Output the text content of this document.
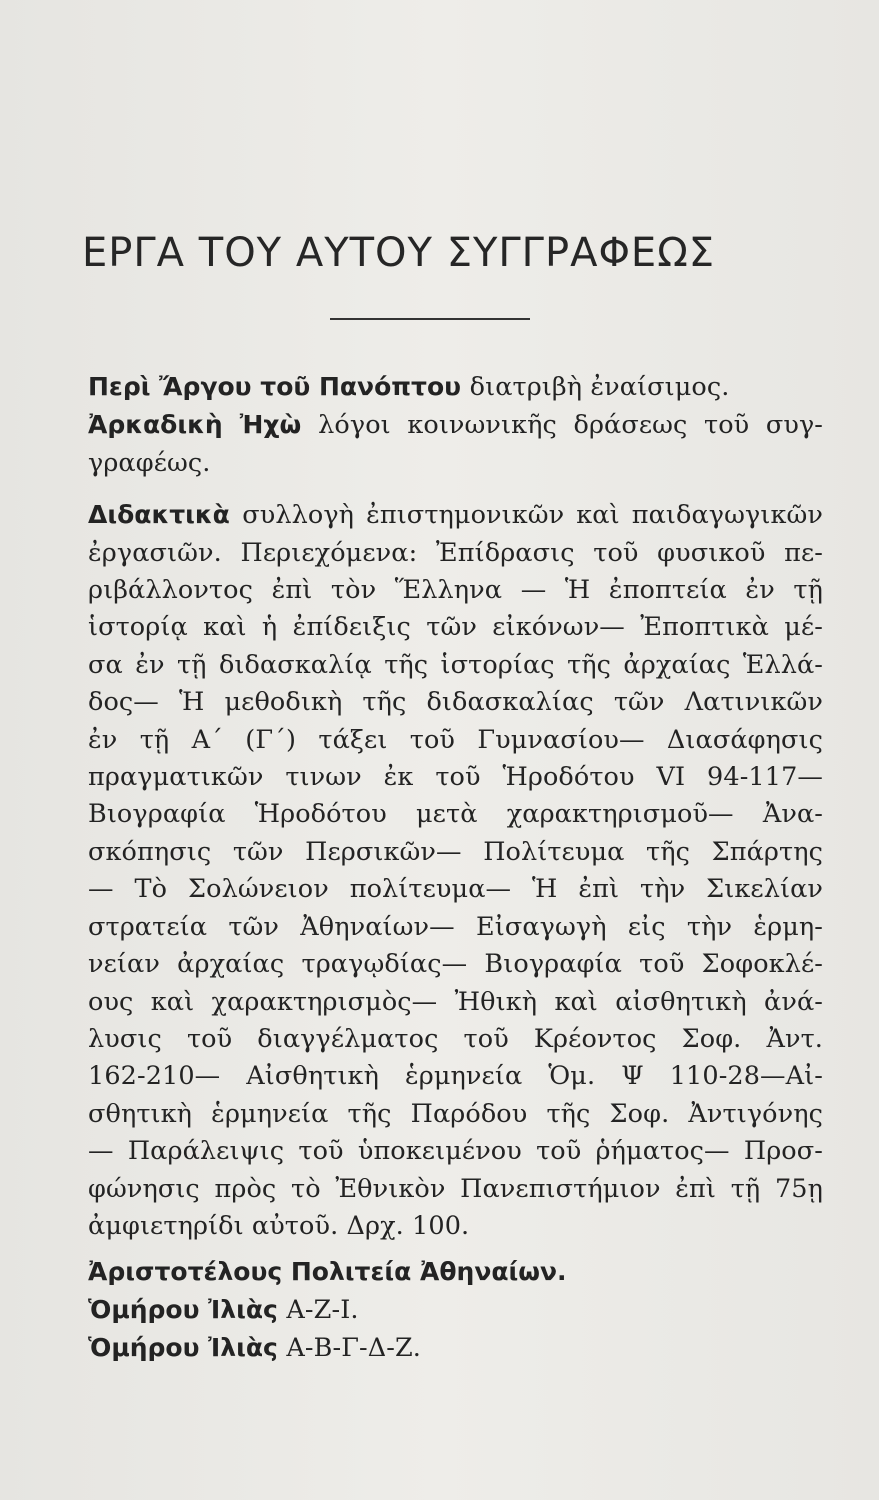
ΕΡΓΑ ΤΟΥ ΑΥΤΟΥ ΣΥΓΓΡΑΦΕΩΣ

Περὶ Ἄργου τοῦ Πανόπτου διατριβὴ ἐναίσιμος.

Ἀρκαδικὴ Ἠχὼ λόγοι κοινωνικῆς δράσεως τοῦ συγ-
γραφέως.

Διδακτικὰ συλλογὴ ἐπιστημονικῶν καὶ παιδαγωγικῶν
ἐργασιῶν. Περιεχόμενα: Ἐπίδρασις τοῦ φυσικοῦ πε-
ριβάλλοντος ἐπὶ τὸν Ἕλληνα — Ἡ ἐποπτεία ἐν τῇ
ἱστορίᾳ καὶ ἡ ἐπίδειξις τῶν εἰκόνων— Ἐποπτικὰ μέ-
σα ἐν τῇ διδασκαλίᾳ τῆς ἱστορίας τῆς ἀρχαίας Ἑλλά-
δος— Ἡ μεθοδικὴ τῆς διδασκαλίας τῶν Λατινικῶν
ἐν τῇ Α΄ (Γ΄) τάξει τοῦ Γυμνασίου— Διασάφησις
πραγματικῶν τινων ἐκ τοῦ Ἡροδότου VI 94-117—
Βιογραφία Ἡροδότου μετὰ χαρακτηρισμοῦ— Ἀνα-
σκόπησις τῶν Περσικῶν— Πολίτευμα τῆς Σπάρτης
— Τὸ Σολώνειον πολίτευμα— Ἡ ἐπὶ τὴν Σικελίαν
στρατεία τῶν Ἀθηναίων— Εἰσαγωγὴ εἰς τὴν ἑρμη-
νείαν ἀρχαίας τραγῳδίας— Βιογραφία τοῦ Σοφοκλέ-
ους καὶ χαρακτηρισμὸς— Ἠθικὴ καὶ αἰσθητικὴ ἀνά-
λυσις τοῦ διαγγέλματος τοῦ Κρέοντος Σοφ. Ἀντ.
162-210— Αἰσθητικὴ ἑρμηνεία Ὁμ. Ψ 110-28—Αἰ-
σθητικὴ ἑρμηνεία τῆς Παρόδου τῆς Σοφ. Ἀντιγόνης
— Παράλειψις τοῦ ὑποκειμένου τοῦ ῥήματος— Προσ-
φώνησις πρὸς τὸ Ἐθνικὸν Πανεπιστήμιον ἐπὶ τῇ 75ῃ
ἀμφιετηρίδι αὐτοῦ. Δρχ. 100.

Ἀριστοτέλους Πολιτεία Ἀθηναίων.

Ὁμήρου Ἰλιὰς Α-Ζ-Ι.

Ὁμήρου Ἰλιὰς Α-Β-Γ-Δ-Ζ.
